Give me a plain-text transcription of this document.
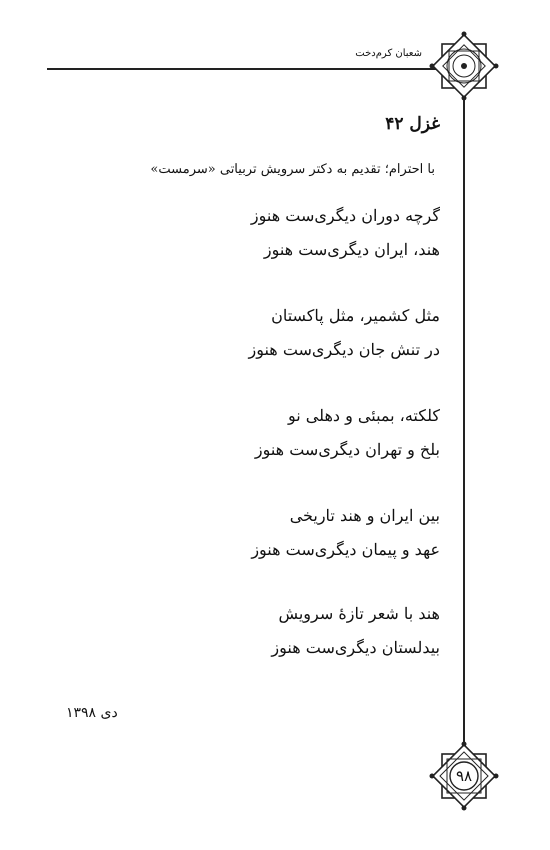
شعبان کرم‌دخت
غزل ۴۲
با احترام؛ تقدیم به دکتر سرویش تربیاتی «سرمست»
گرچه دوران دیگری‌ست هنوز
هند، ایران دیگری‌ست هنوز
مثل کشمیر، مثل پاکستان
در تنش جان دیگری‌ست هنوز
کلکته، بمبئی و دهلی نو
بلخ و تهران دیگری‌ست هنوز
بین ایران و هند تاریخی
عهد و پیمان دیگری‌ست هنوز
هند با شعر تازهٔ سرویش
بیدلستان دیگری‌ست هنوز
دی ۱۳۹۸
۹۸
